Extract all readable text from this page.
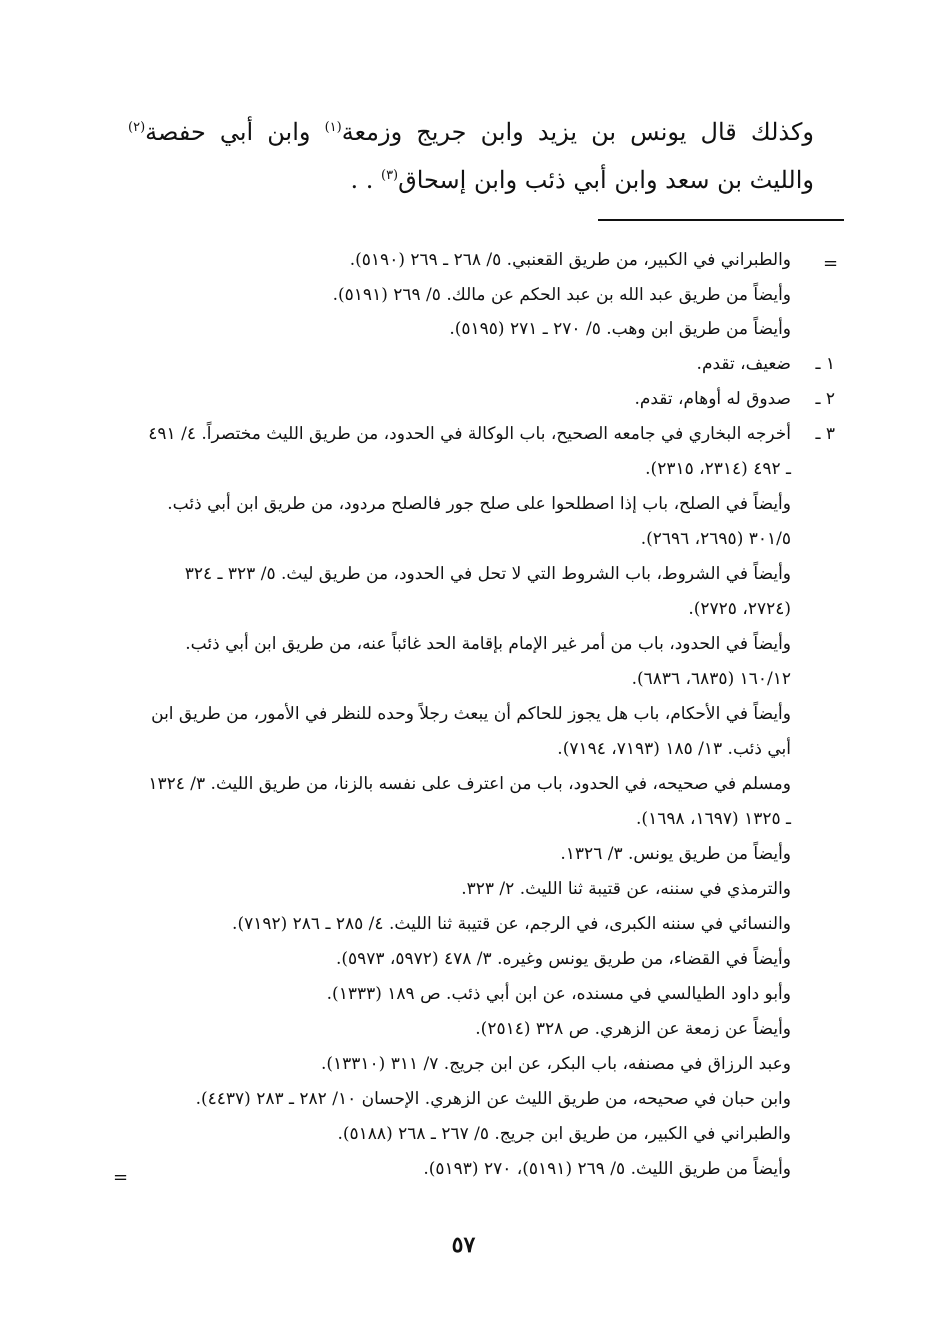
وكذلك قال يونس بن يزيد وابن جريج وزمعة$^{(١)}$ وابن أبي حفصة$^{(٢)}$ والليث بن سعد وابن أبي ذئب وابن إسحاق$^{(٣)}$ . .
=
والطبراني في الكبير، من طريق القعنبي. ٥/ ٢٦٨ ـ ٢٦٩ (٥١٩٠).
وأيضاً من طريق عبد الله بن عبد الحكم عن مالك. ٥/ ٢٦٩ (٥١٩١).
وأيضاً من طريق ابن وهب. ٥/ ٢٧٠ ـ ٢٧١ (٥١٩٥).
١ ـ
ضعيف، تقدم.
٢ ـ
صدوق له أوهام، تقدم.
٣ ـ
أخرجه البخاري في جامعه الصحيح، باب الوكالة في الحدود، من طريق الليث مختصراً. ٤/ ٤٩١
ـ ٤٩٢ (٢٣١٤، ٢٣١٥).
وأيضاً في الصلح، باب إذا اصطلحوا على صلح جور فالصلح مردود، من طريق ابن أبي ذئب.
٣٠١/٥ (٢٦٩٥، ٢٦٩٦).
وأيضاً في الشروط، باب الشروط التي لا تحل في الحدود، من طريق ليث. ٥/ ٣٢٣ ـ ٣٢٤
(٢٧٢٤، ٢٧٢٥).
وأيضاً في الحدود، باب من أمر غير الإمام بإقامة الحد غائباً عنه، من طريق ابن أبي ذئب.
١٦٠/١٢ (٦٨٣٥، ٦٨٣٦).
وأيضاً في الأحكام، باب هل يجوز للحاكم أن يبعث رجلاً وحده للنظر في الأمور، من طريق ابن
أبي ذئب. ١٣/ ١٨٥ (٧١٩٣، ٧١٩٤).
ومسلم في صحيحه، في الحدود، باب من اعترف على نفسه بالزنا، من طريق الليث. ٣/ ١٣٢٤
ـ ١٣٢٥ (١٦٩٧، ١٦٩٨).
وأيضاً من طريق يونس. ٣/ ١٣٢٦.
والترمذي في سننه، عن قتيبة ثنا الليث. ٢/ ٣٢٣.
والنسائي في سننه الكبرى، في الرجم، عن قتيبة ثنا الليث. ٤/ ٢٨٥ ـ ٢٨٦ (٧١٩٢).
وأيضاً في القضاء، من طريق يونس وغيره. ٣/ ٤٧٨ (٥٩٧٢، ٥٩٧٣).
وأبو داود الطيالسي في مسنده، عن ابن أبي ذئب. ص ١٨٩ (١٣٣٣).
وأيضاً عن زمعة عن الزهري. ص ٣٢٨ (٢٥١٤).
وعبد الرزاق في مصنفه، باب البكر، عن ابن جريج. ٧/ ٣١١ (١٣٣١٠).
وابن حبان في صحيحه، من طريق الليث عن الزهري. الإحسان ١٠/ ٢٨٢ ـ ٢٨٣ (٤٤٣٧).
والطبراني في الكبير، من طريق ابن جريج. ٥/ ٢٦٧ ـ ٢٦٨ (٥١٨٨).
وأيضاً من طريق الليث. ٥/ ٢٦٩ (٥١٩١)، ٢٧٠ (٥١٩٣).
=
٥٧
